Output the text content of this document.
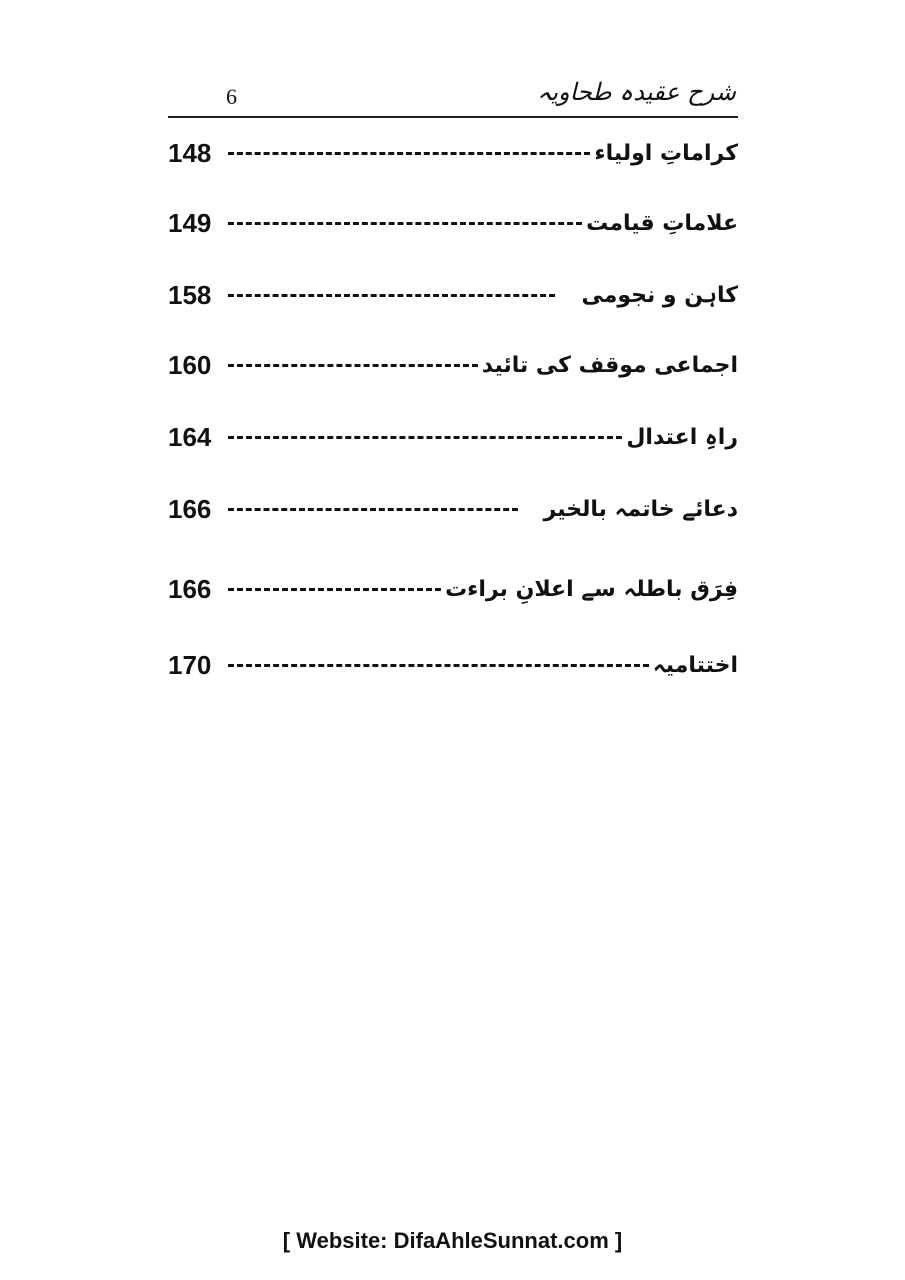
6	شرح عقیدہ طحاویہ
148	کراماتِ اولیاء
149	علاماتِ قیامت
158	کاہن و نجومی
160	اجماعی موقف کی تائید
164	راہِ اعتدال
166	دعائے خاتمہ بالخیر
166	فِرَق باطلہ سے اعلانِ براءت
170	اختتامیہ
[ Website: DifaAhleSunnat.com ]
